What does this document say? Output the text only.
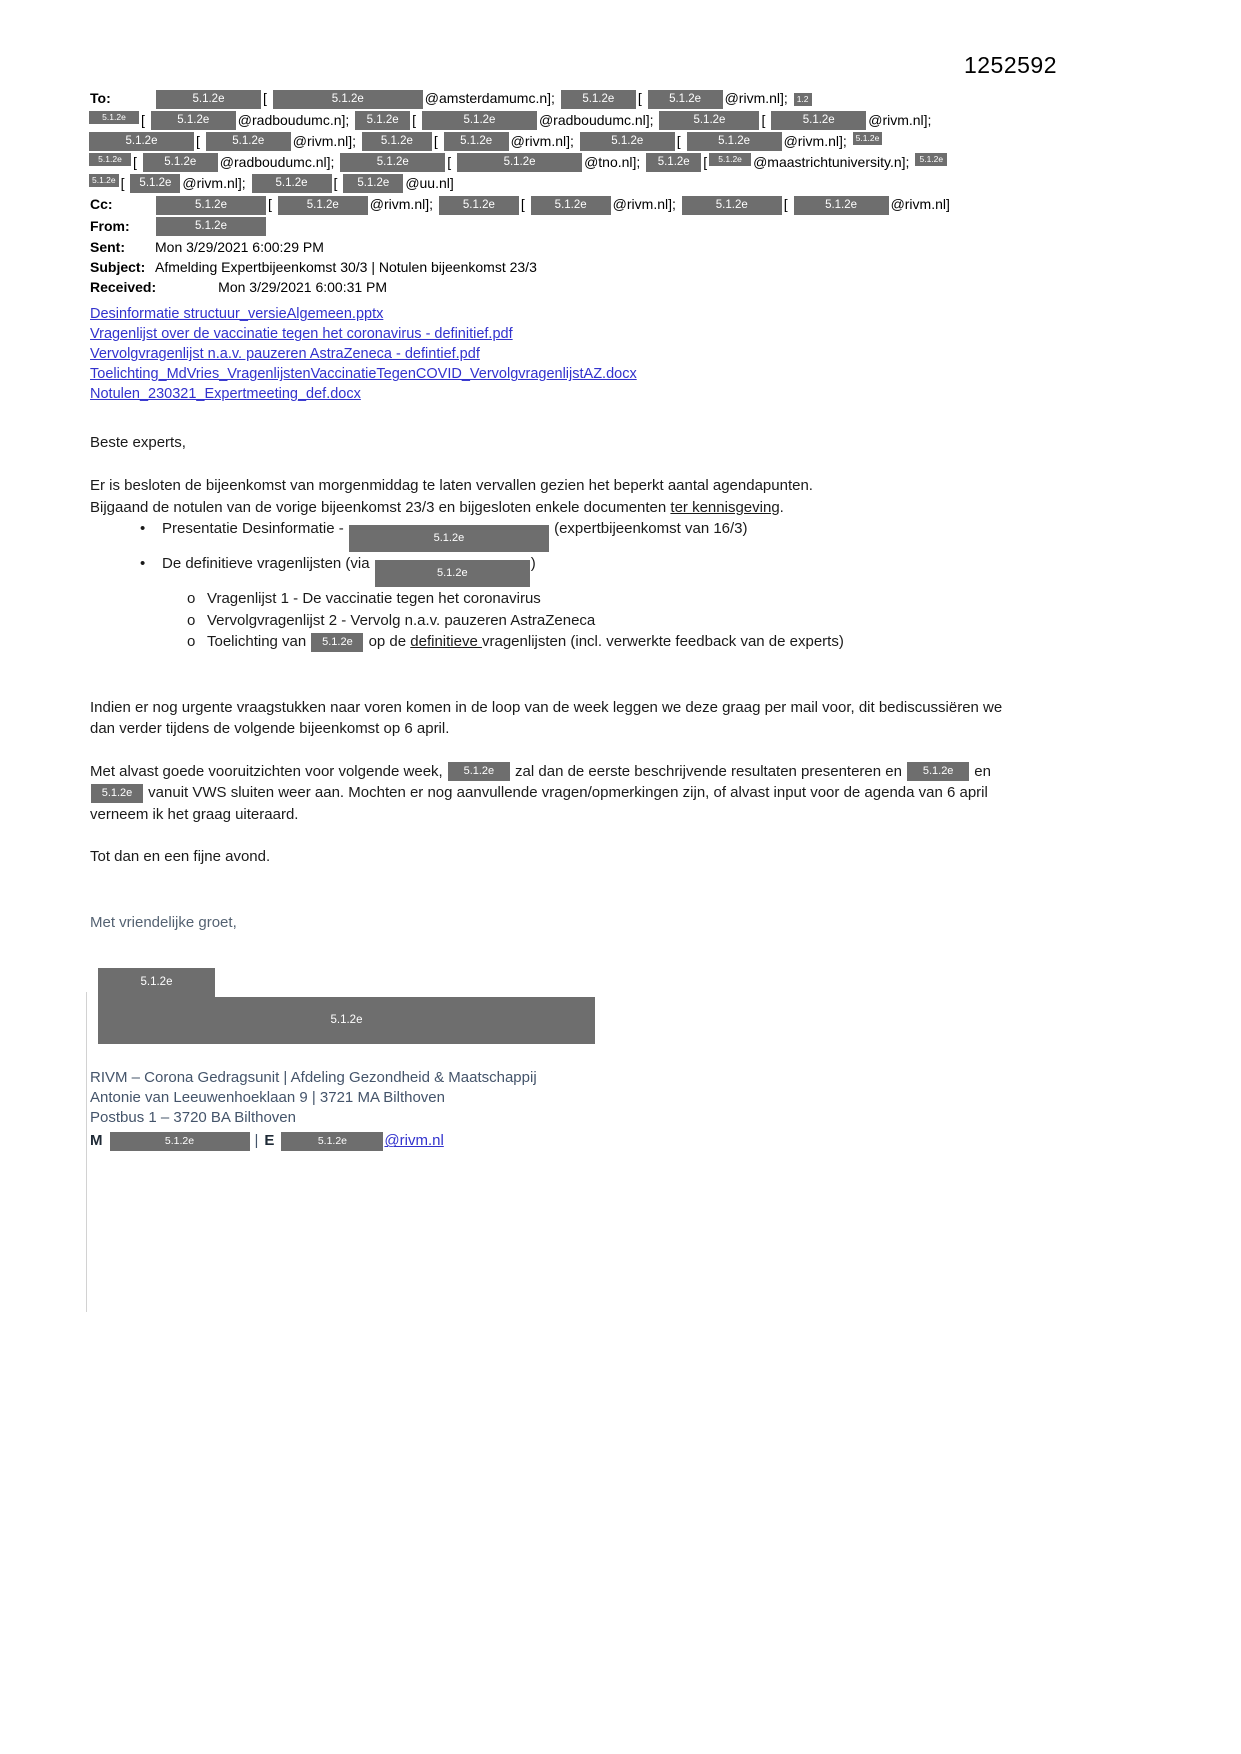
1252592
To:	5.1.2e	[	5.1.2e	@amsterdamumc.n]; 5.1.2e [ 5.1.2e @rivm.nl]; 1.2
5.1.2e	[	5.1.2e	@radboudumc.n];	5.1.2e [	5.1.2e	@radboudumc.nl];	5.1.2e	[	5.1.2e	@rivm.nl];
5.1.2e	[	5.1.2e	@rivm.nl];	5.1.2e	[	5.1.2e	@rivm.nl];	5.1.2e	[	5.1.2e	@rivm.nl]; 5.1.2e
5.1.2e [	5.1.2e	@radboudumc.nl];	5.1.2e	[	5.1.2e	@tno.nl];	5.1.2e [	5.1.2e @maastrichtuniversity.n]; 5.1.2e
5.1.2e [ 5.1.2e @rivm.nl];	5.1.2e	[	5.1.2e	@uu.nl]
Cc:	5.1.2e	[	5.1.2e @rivm.nl]; 5.1.2e [ 5.1.2e @rivm.nl];	5.1.2e	[	5.1.2e @rivm.nl]
From:	5.1.2e
Sent:	Mon 3/29/2021 6:00:29 PM
Subject: Afmelding Expertbijeenkomst 30/3 | Notulen bijeenkomst 23/3
Received:	Mon 3/29/2021 6:00:31 PM
Desinformatie structuur_versieAlgemeen.pptx
Vragenlijst over de vaccinatie tegen het coronavirus - definitief.pdf
Vervolgvragenlijst n.a.v. pauzeren AstraZeneca - defintief.pdf
Toelichting_MdVries_VragenlijstenVaccinatieTegenCOVID_VervolgvragenlijstAZ.docx
Notulen_230321_Expertmeeting_def.docx
Beste experts,
Er is besloten de bijeenkomst van morgenmiddag te laten vervallen gezien het beperkt aantal agendapunten.
Bijgaand de notulen van de vorige bijeenkomst 23/3 en bijgesloten enkele documenten ter kennisgeving.
•	Presentatie Desinformatie - 5.1.2e (expertbijeenkomst van 16/3)
•	De definitieve vragenlijsten (via 5.1.2e)
o Vragenlijst 1 - De vaccinatie tegen het coronavirus
o Vervolgvragenlijst 2 - Vervolg n.a.v. pauzeren AstraZeneca
o Toelichting van 5.1.2e op de definitieve vragenlijsten (incl. verwerkte feedback van de experts)
Indien er nog urgente vraagstukken naar voren komen in de loop van de week leggen we deze graag per mail voor, dit bediscussiëren we dan verder tijdens de volgende bijeenkomst op 6 april.
Met alvast goede vooruitzichten voor volgende week, 5.1.2e zal dan de eerste beschrijvende resultaten presenteren en 5.1.2e en 5.1.2e vanuit VWS sluiten weer aan. Mochten er nog aanvullende vragen/opmerkingen zijn, of alvast input voor de agenda van 6 april verneem ik het graag uiteraard.
Tot dan en een fijne avond.
Met vriendelijke groet,
5.1.2e
5.1.2e
RIVM – Corona Gedragsunit | Afdeling Gezondheid & Maatschappij
Antonie van Leeuwenhoeklaan 9 | 3721 MA Bilthoven
Postbus 1 – 3720 BA Bilthoven
M	5.1.2e	| E	5.1.2e	@rivm.nl
